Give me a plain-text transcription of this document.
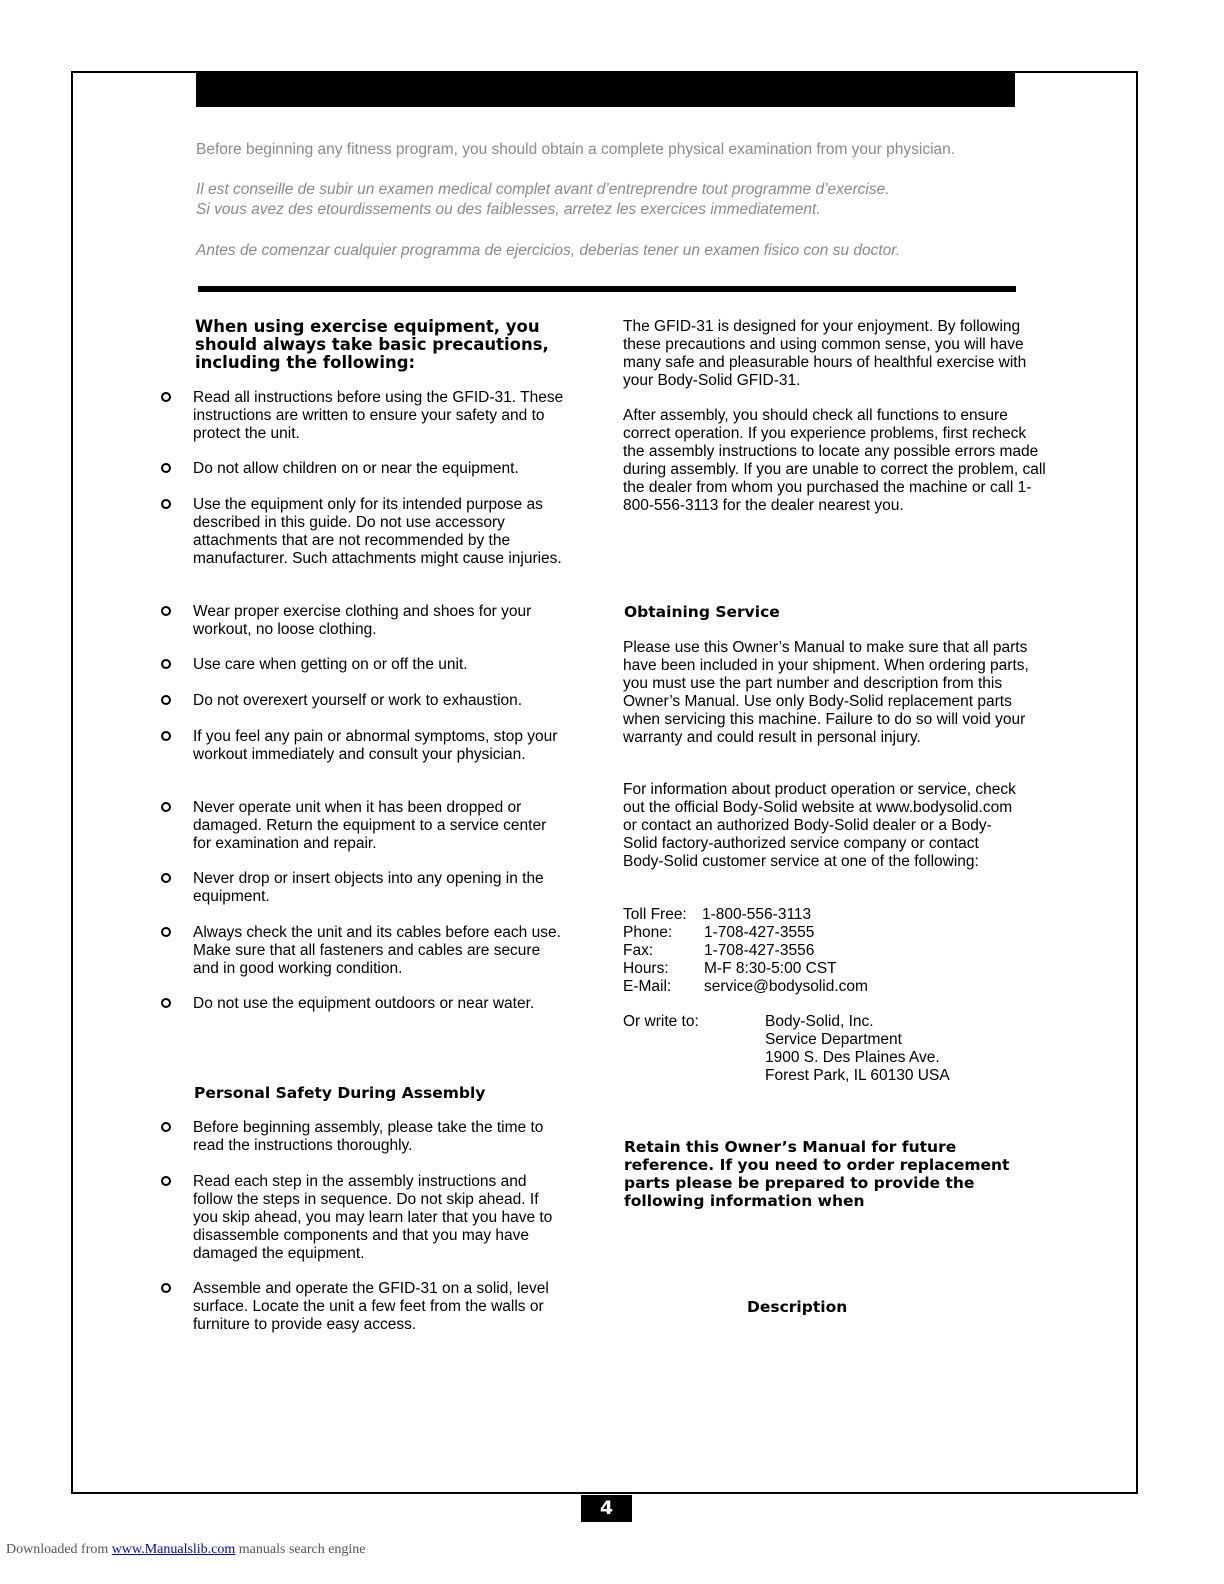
Before beginning any fitness program, you should obtain a complete physical examination from your physician.
Il est conseille de subir un examen medical complet avant d’entreprendre tout programme d’exercise.
Si vous avez des etourdissements ou des faiblesses, arretez les exercices immediatement.
Antes de comenzar cualquier programma de ejercicios, deberias tener un examen fisico con su doctor.
When using exercise equipment, you should always take basic precautions, including the following:
Read all instructions before using the GFID-31. These instructions are written to ensure your safety and to protect the unit.
Do not allow children on or near the equipment.
Use the equipment only for its intended purpose as described in this guide. Do not use accessory attachments that are not recommended by the manufacturer. Such attachments might cause injuries.
Wear proper exercise clothing and shoes for your workout, no loose clothing.
Use care when getting on or off the unit.
Do not overexert yourself or work to exhaustion.
If you feel any pain or abnormal symptoms, stop your workout immediately and consult your physician.
Never operate unit when it has been dropped or damaged. Return the equipment to a service center for examination and repair.
Never drop or insert objects into any opening in the equipment.
Always check the unit and its cables before each use. Make sure that all fasteners and cables are secure and in good working condition.
Do not use the equipment outdoors or near water.
Personal Safety During Assembly
Before beginning assembly, please take the time to read the instructions thoroughly.
Read each step in the assembly instructions and follow the steps in sequence. Do not skip ahead. If you skip ahead, you may learn later that you have to disassemble components and that you may have damaged the equipment.
Assemble and operate the GFID-31 on a solid, level surface. Locate the unit a few feet from the walls or furniture to provide easy access.
The GFID-31 is designed for your enjoyment. By following these precautions and using common sense, you will have many safe and pleasurable hours of healthful exercise with your Body-Solid GFID-31.
After assembly, you should check all functions to ensure correct operation. If you experience problems, first recheck the assembly instructions to locate any possible errors made during assembly. If you are unable to correct the problem, call the dealer from whom you purchased the machine or call 1-800-556-3113 for the dealer nearest you.
Obtaining Service
Please use this Owner’s Manual to make sure that all parts have been included in your shipment. When ordering parts, you must use the part number and description from this Owner’s Manual. Use only Body-Solid replacement parts when servicing this machine. Failure to do so will void your warranty and could result in personal injury.
For information about product operation or service, check out the official Body-Solid website at www.bodysolid.com or contact an authorized Body-Solid dealer or a Body-Solid factory-authorized service company or contact Body-Solid customer service at one of the following:
Toll Free: 1-800-556-3113
Phone: 1-708-427-3555
Fax:	1-708-427-3556
Hours: M-F 8:30-5:00 CST
E-Mail: service@bodysolid.com
Or write to:	Body-Solid, Inc.
Service Department
1900 S. Des Plaines Ave.
Forest Park, IL 60130 USA
Retain this Owner’s Manual for future reference. If you need to order replacement parts please be prepared to provide the following information when
Description
4
Downloaded from www.Manualslib.com manuals search engine
